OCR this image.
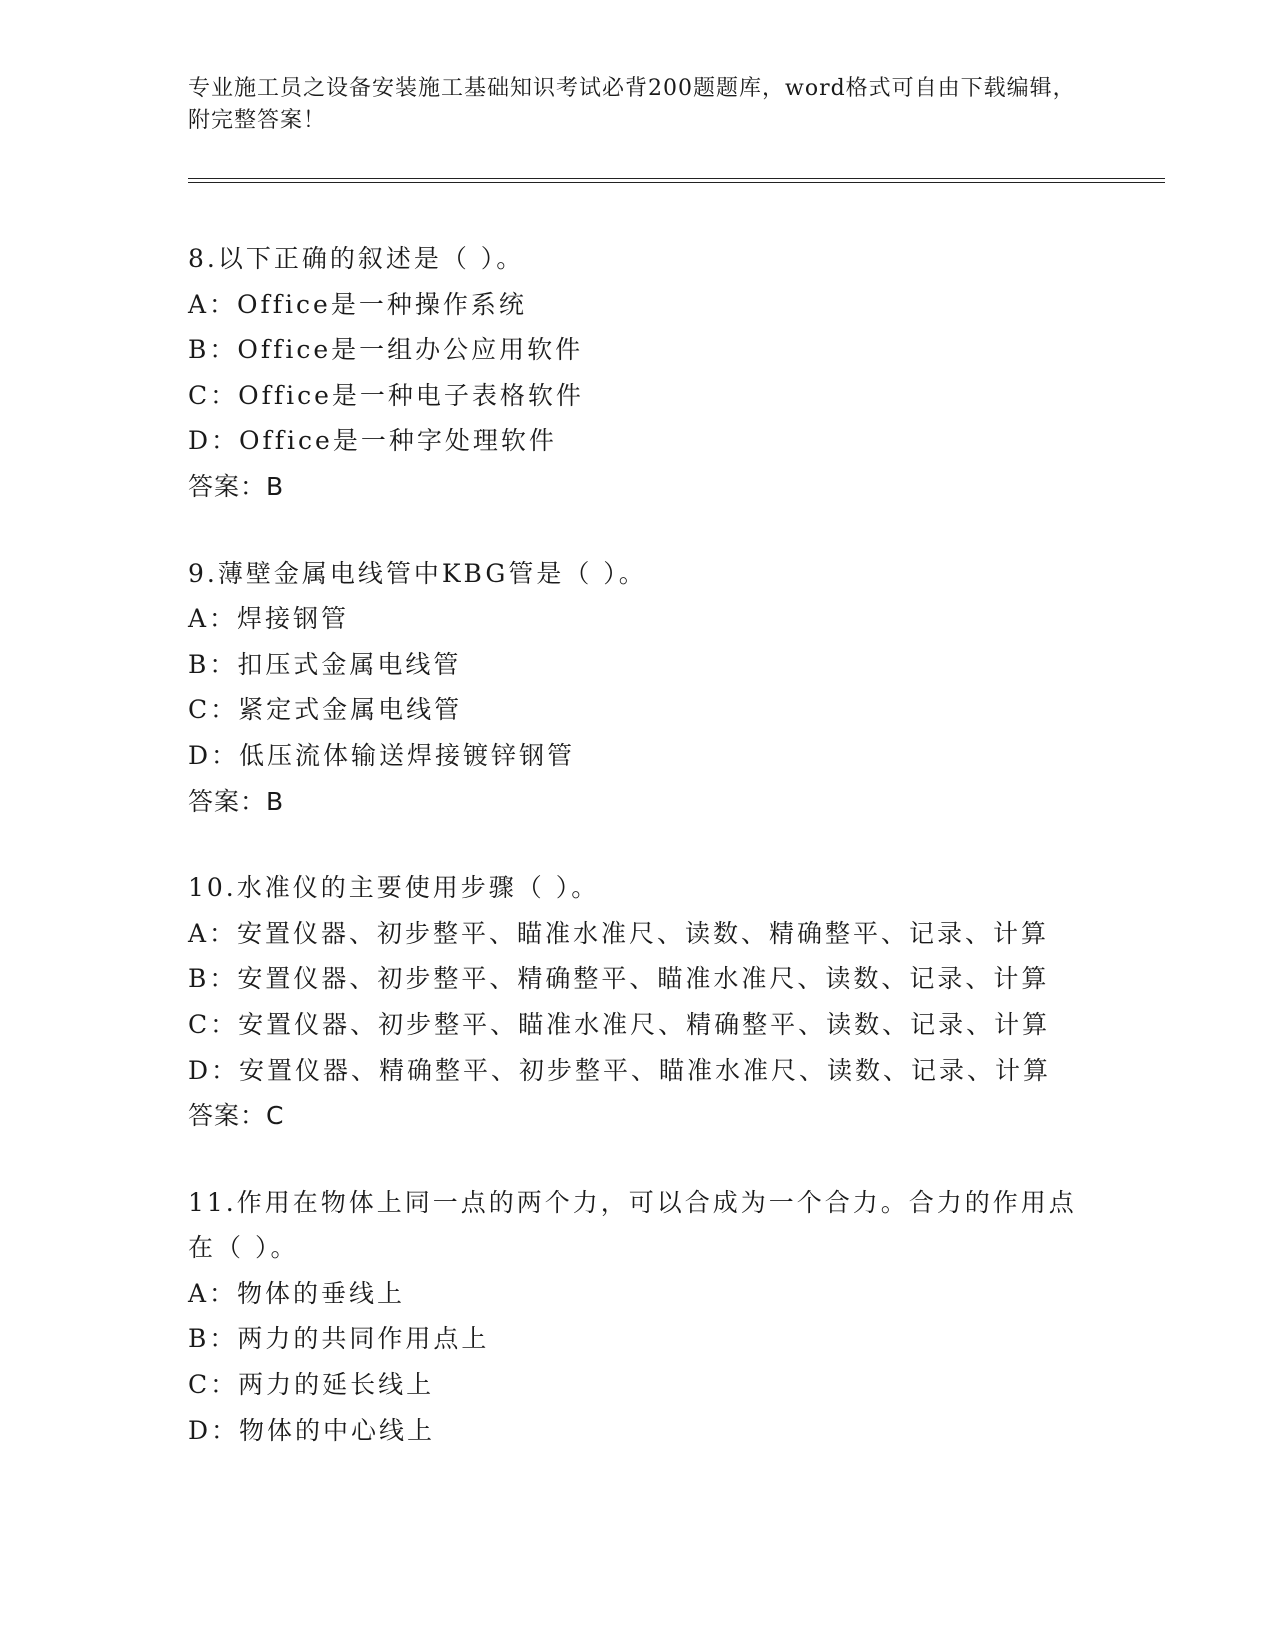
专业施工员之设备安装施工基础知识考试必背200题题库，word格式可自由下载编辑，附完整答案！
8.以下正确的叙述是（ ）。
A：Office是一种操作系统
B：Office是一组办公应用软件
C：Office是一种电子表格软件
D：Office是一种字处理软件
答案：B
9.薄壁金属电线管中KBG管是（ ）。
A：焊接钢管
B：扣压式金属电线管
C：紧定式金属电线管
D：低压流体输送焊接镀锌钢管
答案：B
10.水准仪的主要使用步骤（ ）。
A：安置仪器、初步整平、瞄准水准尺、读数、精确整平、记录、计算
B：安置仪器、初步整平、精确整平、瞄准水准尺、读数、记录、计算
C：安置仪器、初步整平、瞄准水准尺、精确整平、读数、记录、计算
D：安置仪器、精确整平、初步整平、瞄准水准尺、读数、记录、计算
答案：C
11.作用在物体上同一点的两个力，可以合成为一个合力。合力的作用点在（ ）。
A：物体的垂线上
B：两力的共同作用点上
C：两力的延长线上
D：物体的中心线上
